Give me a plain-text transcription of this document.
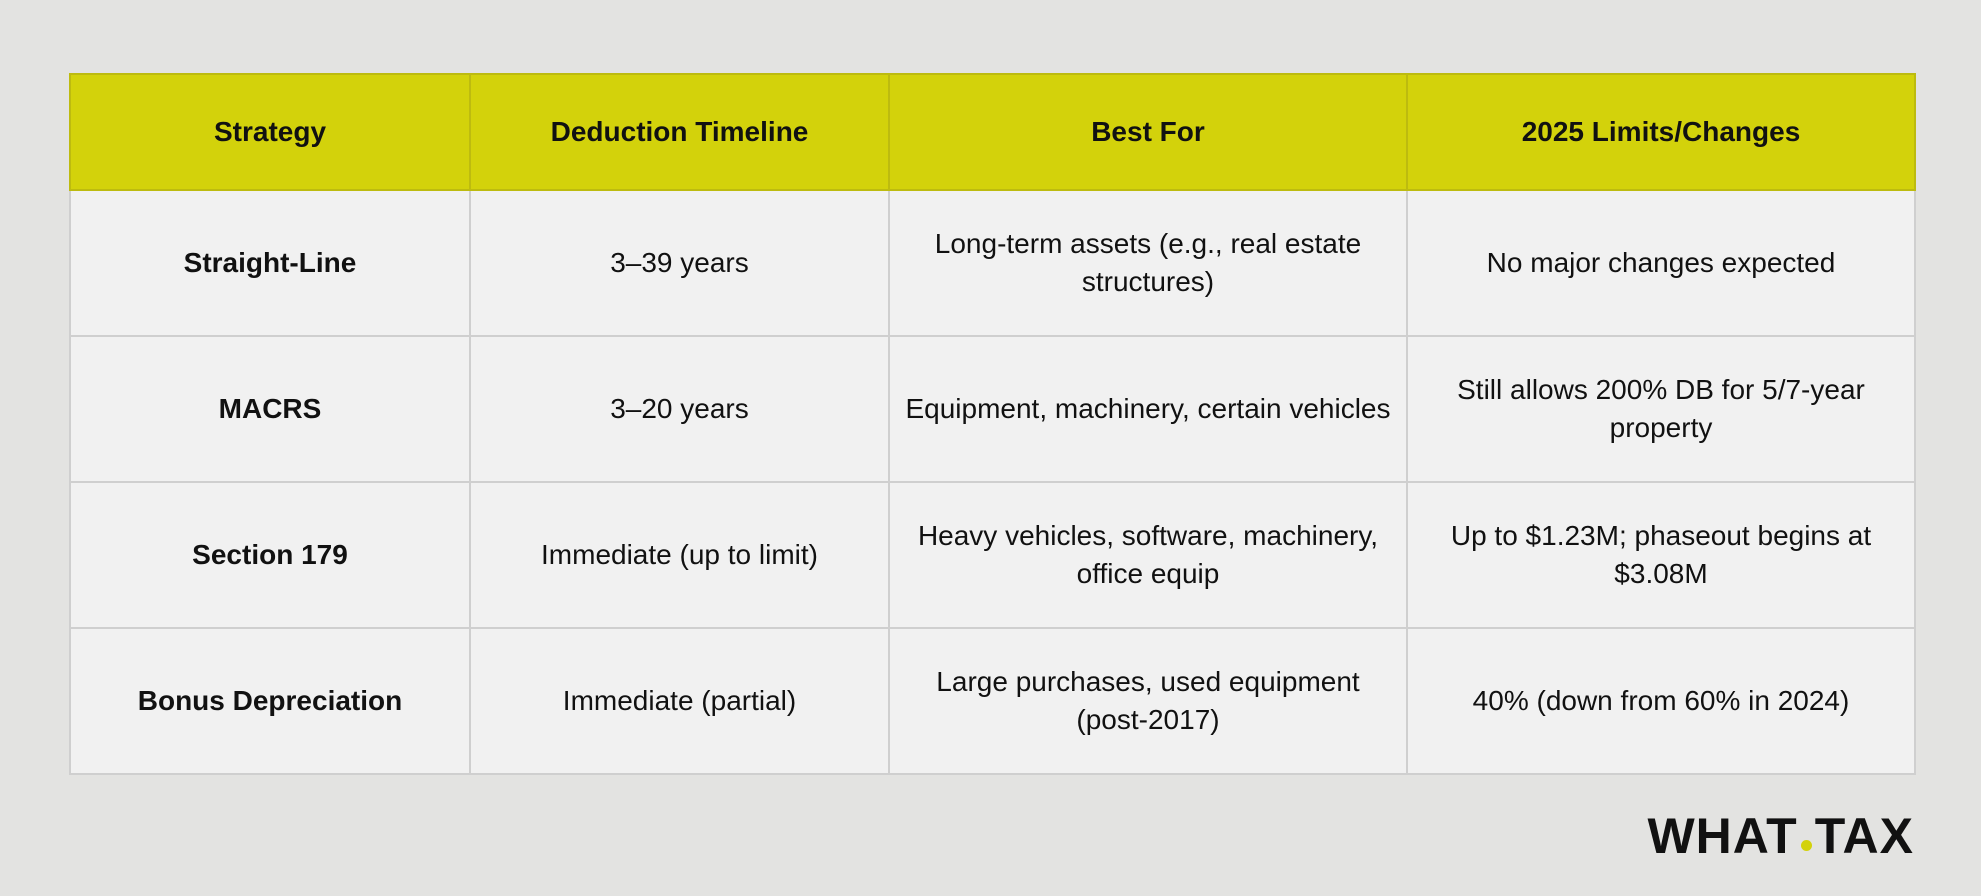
Strategy	Deduction Timeline	Best For	2025 Limits/Changes
Straight-Line	3–39 years	Long-term assets (e.g., real estate structures)	No major changes expected
MACRS	3–20 years	Equipment, machinery, certain vehicles	Still allows 200% DB for 5/7-year property
Section 179	Immediate (up to limit)	Heavy vehicles, software, machinery, office equip	Up to $1.23M; phaseout begins at $3.08M
Bonus Depreciation	Immediate (partial)	Large purchases, used equipment (post-2017)	40% (down from 60% in 2024)
WHAT TAX
